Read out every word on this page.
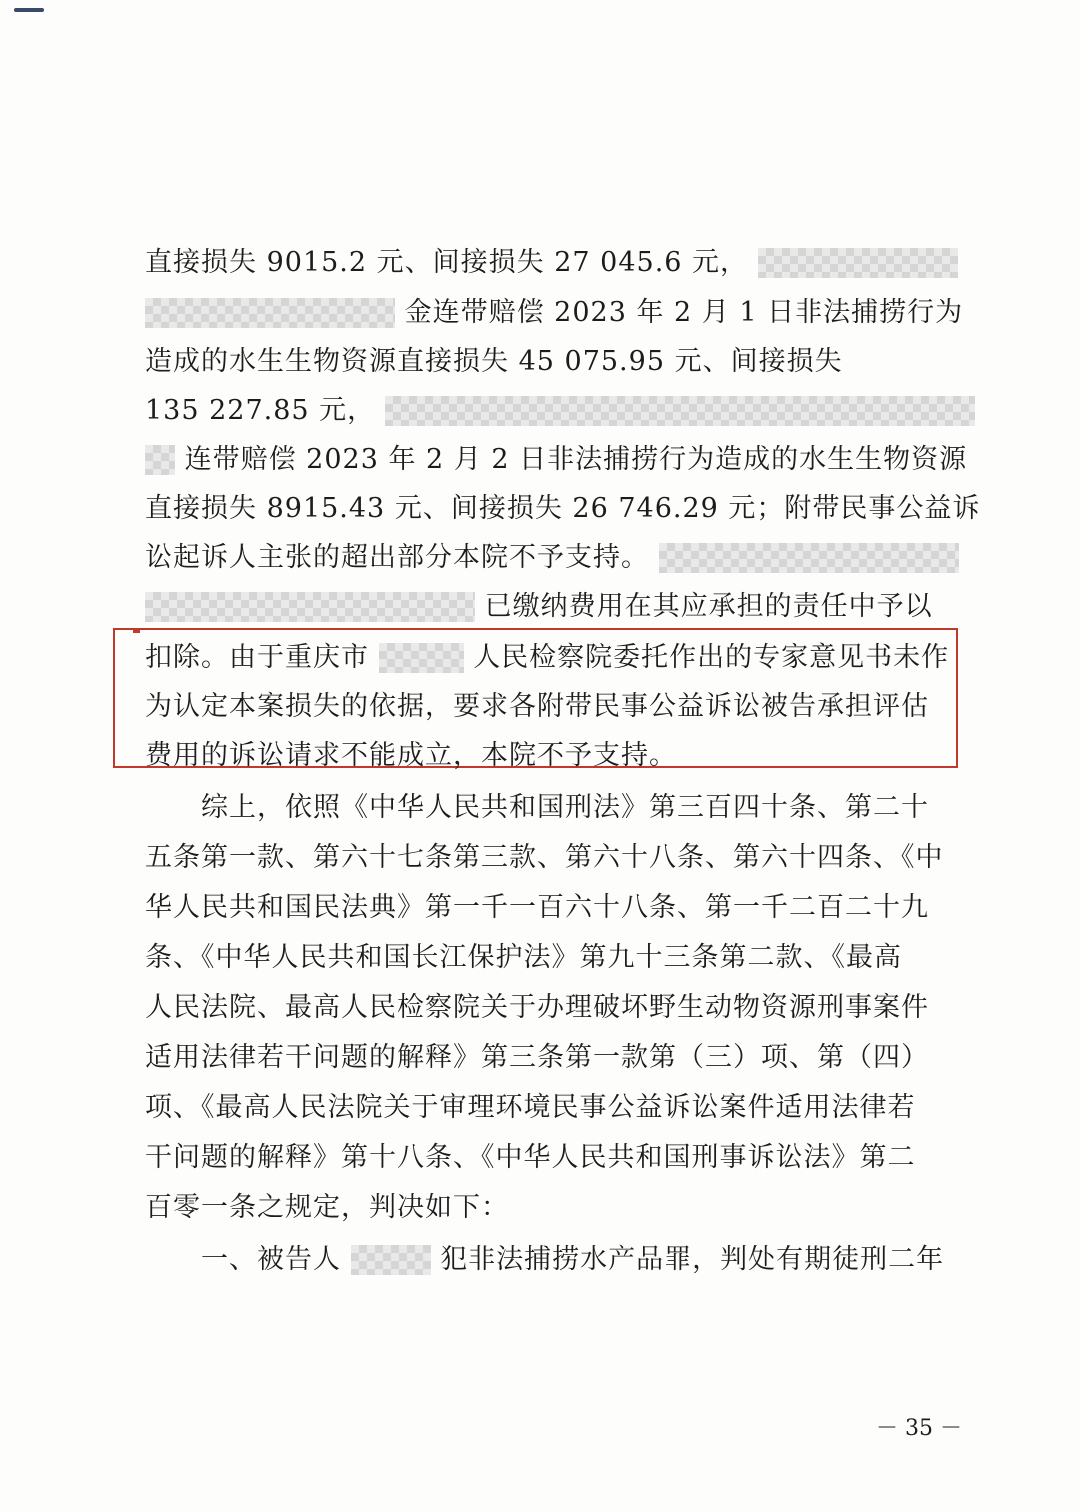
直接损失 9015.2 元、间接损失 27 045.6 元，
金连带赔偿 2023 年 2 月 1 日非法捕捞行为
造成的水生生物资源直接损失 45 075.95 元、间接损失
135 227.85 元，
连带赔偿 2023 年 2 月 2 日非法捕捞行为造成的水生生物资源
直接损失 8915.43 元、间接损失 26 746.29 元；附带民事公益诉
讼起诉人主张的超出部分本院不予支持。
已缴纳费用在其应承担的责任中予以
扣除。由于重庆市	人民检察院委托作出的专家意见书未作
为认定本案损失的依据，要求各附带民事公益诉讼被告承担评估
费用的诉讼请求不能成立，本院不予支持。
　　综上，依照《中华人民共和国刑法》第三百四十条、第二十
五条第一款、第六十七条第三款、第六十八条、第六十四条、《中
华人民共和国民法典》第一千一百六十八条、第一千二百二十九
条、《中华人民共和国长江保护法》第九十三条第二款、《最高
人民法院、最高人民检察院关于办理破坏野生动物资源刑事案件
适用法律若干问题的解释》第三条第一款第（三）项、第（四）
项、《最高人民法院关于审理环境民事公益诉讼案件适用法律若
干问题的解释》第十八条、《中华人民共和国刑事诉讼法》第二
百零一条之规定，判决如下：
　　一、被告人	犯非法捕捞水产品罪，判处有期徒刑二年
－ 35 －
